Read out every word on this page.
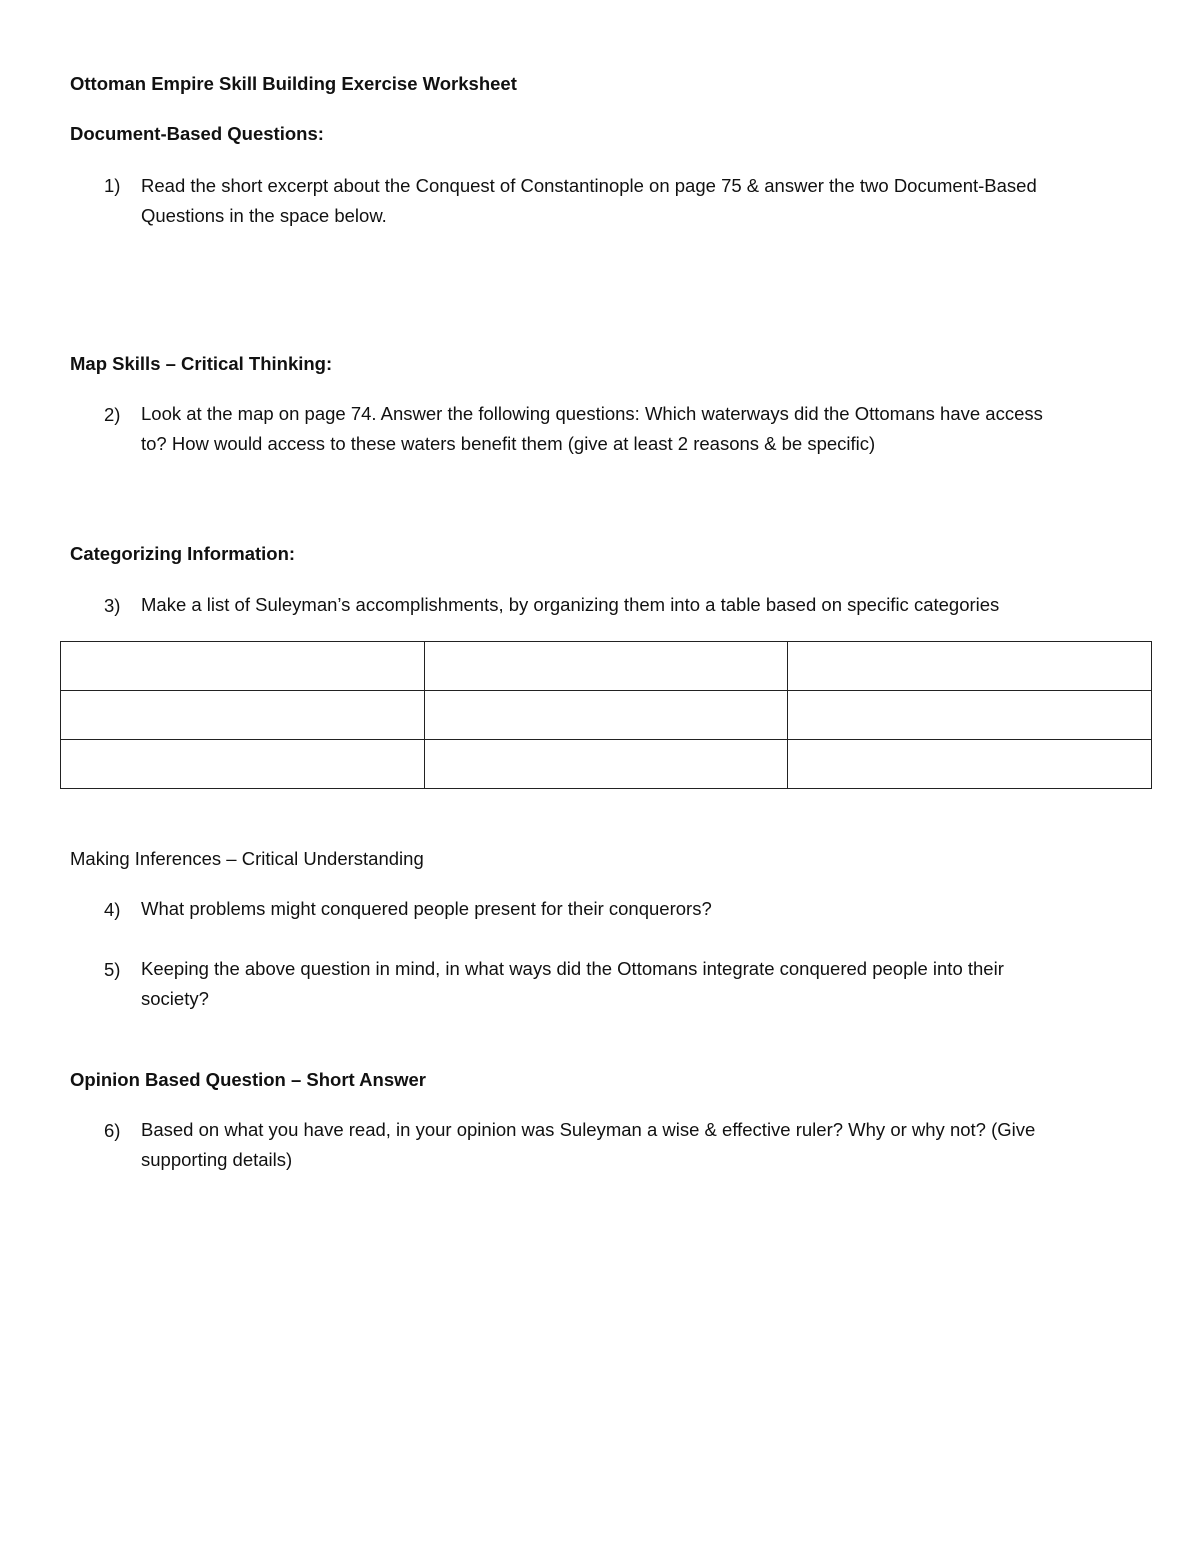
Ottoman Empire Skill Building Exercise Worksheet
Document-Based Questions:
1) Read the short excerpt about the Conquest of Constantinople on page 75 & answer the two Document-Based
Questions in the space below.
Map Skills – Critical Thinking:
2) Look at the map on page 74. Answer the following questions: Which waterways did the Ottomans have access
to? How would access to these waters benefit them (give at least 2 reasons & be specific)
Categorizing Information:
3) Make a list of Suleyman’s accomplishments, by organizing them into a table based on specific categories

Making Inferences – Critical Understanding
4) What problems might conquered people present for their conquerors?
5) Keeping the above question in mind, in what ways did the Ottomans integrate conquered people into their
society?
Opinion Based Question – Short Answer
6) Based on what you have read, in your opinion was Suleyman a wise & effective ruler? Why or why not? (Give
supporting details)
